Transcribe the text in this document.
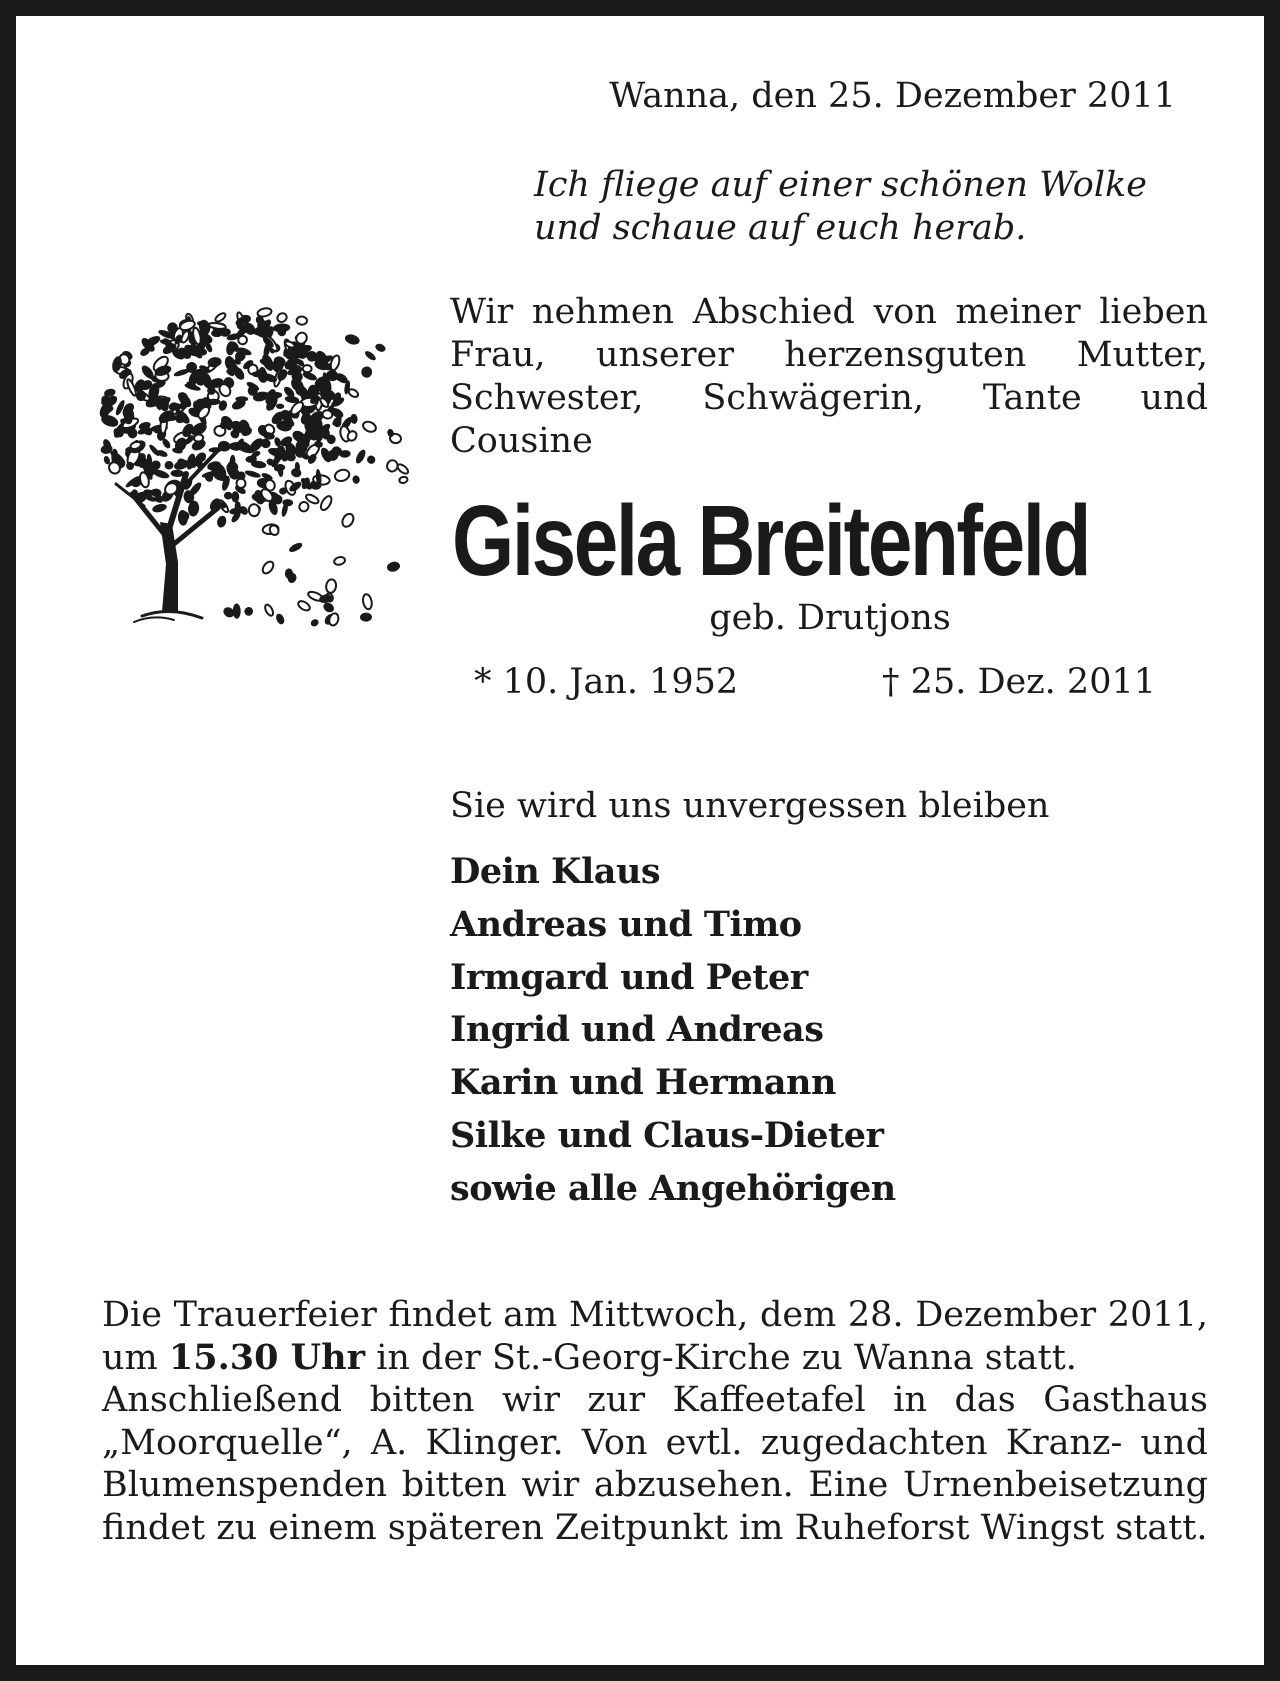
Wanna, den 25. Dezember 2011
Ich fliege auf einer schönen Wolke
und schaue auf euch herab.
Wir nehmen Abschied von meiner lieben Frau, unserer herzensguten Mutter, Schwester, Schwägerin, Tante und Cousine
Gisela Breitenfeld
geb. Drutjons
* 10. Jan. 1952	† 25. Dez. 2011
Sie wird uns unvergessen bleiben
Dein Klaus
Andreas und Timo
Irmgard und Peter
Ingrid und Andreas
Karin und Hermann
Silke und Claus-Dieter
sowie alle Angehörigen

Die Trauerfeier findet am Mittwoch, dem 28. Dezember 2011, um 15.30 Uhr in der St.-Georg-Kirche zu Wanna statt.

Anschließend bitten wir zur Kaffeetafel in das Gasthaus „Moorquelle“, A. Klinger. Von evtl. zugedachten Kranz- und Blumenspenden bitten wir abzusehen. Eine Urnenbeisetzung findet zu einem späteren Zeitpunkt im Ruheforst Wingst statt.
